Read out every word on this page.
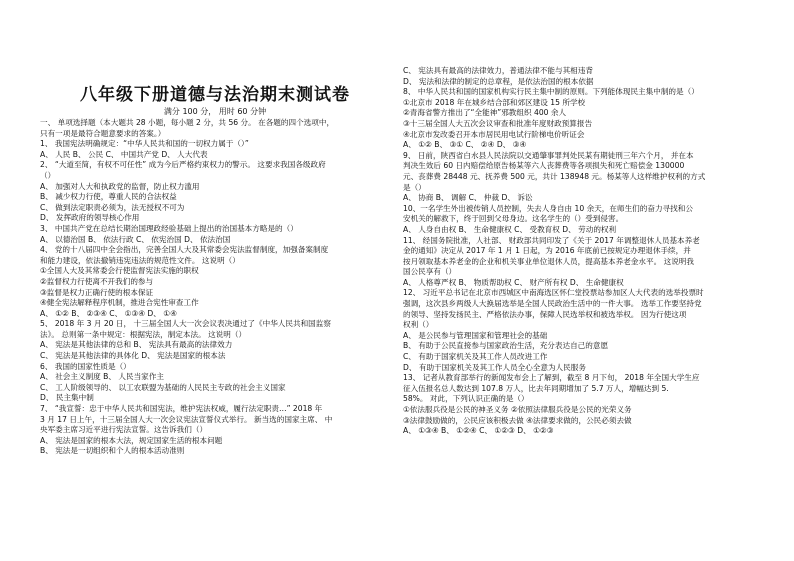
八年级下册道德与法治期末测试卷
满分 100 分， 用时 60 分钟
一、 单项选择题（本大题共 28 小题，每小题 2 分，共 56 分。 在各题的四个选项中，
只有一项是最符合题意要求的答案。）
1、 我国宪法明确规定：“中华人民共和国的一切权力属于（）”
A、 人民 B、 公民 C、 中国共产党 D、 人大代表
2、 “大道至简，有权不可任性” 成为今后严格约束权力的警示。 这要求我国各级政府
（）
A、 加强对人大和执政党的监督，防止权力滥用
B、 减少权力行使，尊重人民的合法权益
C、 做到法定职责必须为，法无授权不可为
D、 发挥政府的领导核心作用
3、 中国共产党在总结长期治国理政经验基础上提出的治国基本方略是的（）
A、 以德治国 B、 依法行政 C、 依宪治国 D、 依法治国
4、 党的十八届四中全会指出，完善全国人大及其常委会宪法监督制度，加强备案制度
和能力建设，依法撤销违宪违法的规范性文件。 这说明（）
①全国人大及其常委会行使监督宪法实施的职权
②监督权力行使离不开我们的参与
③监督是权力正确行使的根本保证
④健全宪法解释程序机制，推进合宪性审查工作
A、 ①② B、 ②③④ C、 ①③④ D、 ①④
5、 2018 年 3 月 20 日， 十三届全国人大一次会议表决通过了《中华人民共和国监察
法》。 总则第一条中规定：根据宪法，制定本法。 这说明（）
A、 宪法是其他法律的总和 B、 宪法具有最高的法律效力
C、 宪法是其他法律的具体化 D、 宪法是国家的根本法
6、 我国的国家性质是（）
A、 社会主义制度 B、 人民当家作主
C、 工人阶级领导的、 以工农联盟为基础的人民民主专政的社会主义国家
D、 民主集中制
7、 “我宣誓：忠于中华人民共和国宪法，维护宪法权威，履行法定职责…” 2018 年
3 月 17 日上午，十三届全国人大一次会议宪法宣誓仪式举行。 新当选的国家主席、 中
央军委主席习近平进行宪法宣誓。这告诉我们（）
A、 宪法是国家的根本大法，规定国家生活的根本问题
B、 宪法是一切组织和个人的根本活动准则
C、 宪法具有最高的法律效力，普通法律不能与其相违背
D、 宪法和法律的制定的总章程，是依法治国的根本依据
8、 中华人民共和国的国家机构实行民主集中制的原则。下列能体现民主集中制的是（）
①北京市 2018 年在城乡结合部和郊区建设 15 所学校
②青海省警方推出了“全能神”邪教组织 400 余人
③十三届全国人大五次会议审查和批准年度财政预算报告
④北京市发改委召开本市居民用电试行阶梯电价听证会
A、 ①② B、 ③① C、 ②④ D、 ③④
9、 日前，陕西省白水县人民法院以交通肇事罪判处民某有期徒刑三年六个月， 并在本
判决生效后 60 日内赔偿给原告杨某等六人丧葬费等各项损失和死亡赔偿金 130000
元、丧葬费 28448 元、抚养费 500 元，共计 138948 元。杨某等人这样维护权利的方式
是（）
A、 协商 B、 调解 C、 仲裁 D、 诉讼
10、一名学生外出被传销人员控制，失去人身自由 10 余天，在师生们的奋力寻找和公
安机关的解救下，终于回到父母身边。这名学生的（）受到侵害。
A、 人身自由权 B、 生命健康权 C、 受教育权 D、 劳动的权利
11、 经国务院批准，人社部、 财政部共同印发了《关于 2017 年调整退休人员基本养老
金的通知》决定从 2017 年 1 月 1 日起，为 2016 年底前已按规定办理退休手续，并
按月领取基本养老金的企业和机关事业单位退休人员，提高基本养老金水平。 这说明我
国公民享有（）
A、 人格尊严权 B、 物质帮助权 C、 财产所有权 D、 生命健康权
12、 习近平总书记在北京市西城区中南海选区怀仁堂投票站参加区人大代表的选举投票时
强调，这次县乡两级人大换届选举是全国人民政治生活中的一件大事。 选举工作要坚持党
的领导、坚持发扬民主、严格依法办事，保障人民选举权和被选举权。 因为行使这项
权利（）
A、 是公民参与管理国家和管理社会的基础
B、 有助于公民直接参与国家政治生活，充分表达自己的意愿
C、 有助于国家机关及其工作人员改进工作
D、 有助于国家机关及其工作人员全心全意为人民服务
13、 记者从教育部举行的新闻发布会上了解到，截至 8 月下旬， 2018 年全国大学生应
征入伍报名总人数达到 107.8 万人，比去年同期增加了 5.7 万人，增幅达到 5.
58%。 对此，下列认识正确的是（）
①依法服兵役是公民的神圣义务 ②依照法律服兵役是公民的光荣义务
③法律鼓励做的，公民应该积极去做 ④法律要求做的，公民必须去做
A、 ①③④ B、 ①②④ C、 ①②③ D、 ①②③
